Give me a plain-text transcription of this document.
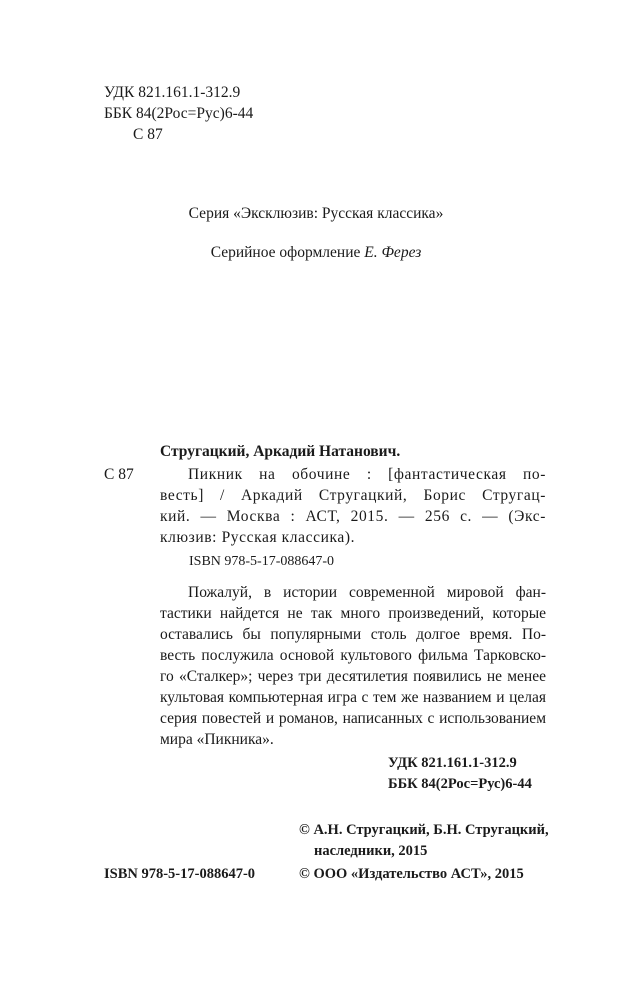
УДК 821.161.1-312.9
ББК 84(2Рос=Рус)6-44
С 87
Серия «Эксклюзив: Русская классика»
Серийное оформление Е. Ферез
Стругацкий, Аркадий Натанович.
С 87	Пикник на обочине : [фантастическая по-
весть] / Аркадий Стругацкий, Борис Стругац-
кий. — Москва : АСТ, 2015. — 256 с. — (Экс-
клюзив: Русская классика).
ISBN 978-5-17-088647-0
Пожалуй, в истории современной мировой фан-
тастики найдется не так много произведений, которые
оставались бы популярными столь долгое время. По-
весть послужила основой культового фильма Тарковско-
го «Сталкер»; через три десятилетия появились не менее
культовая компьютерная игра с тем же названием и целая
серия повестей и романов, написанных с использованием
мира «Пикника».
УДК 821.161.1-312.9
ББК 84(2Рос=Рус)6-44
© А.Н. Стругацкий, Б.Н. Стругацкий,
наследники, 2015
ISBN 978-5-17-088647-0	© ООО «Издательство АСТ», 2015
